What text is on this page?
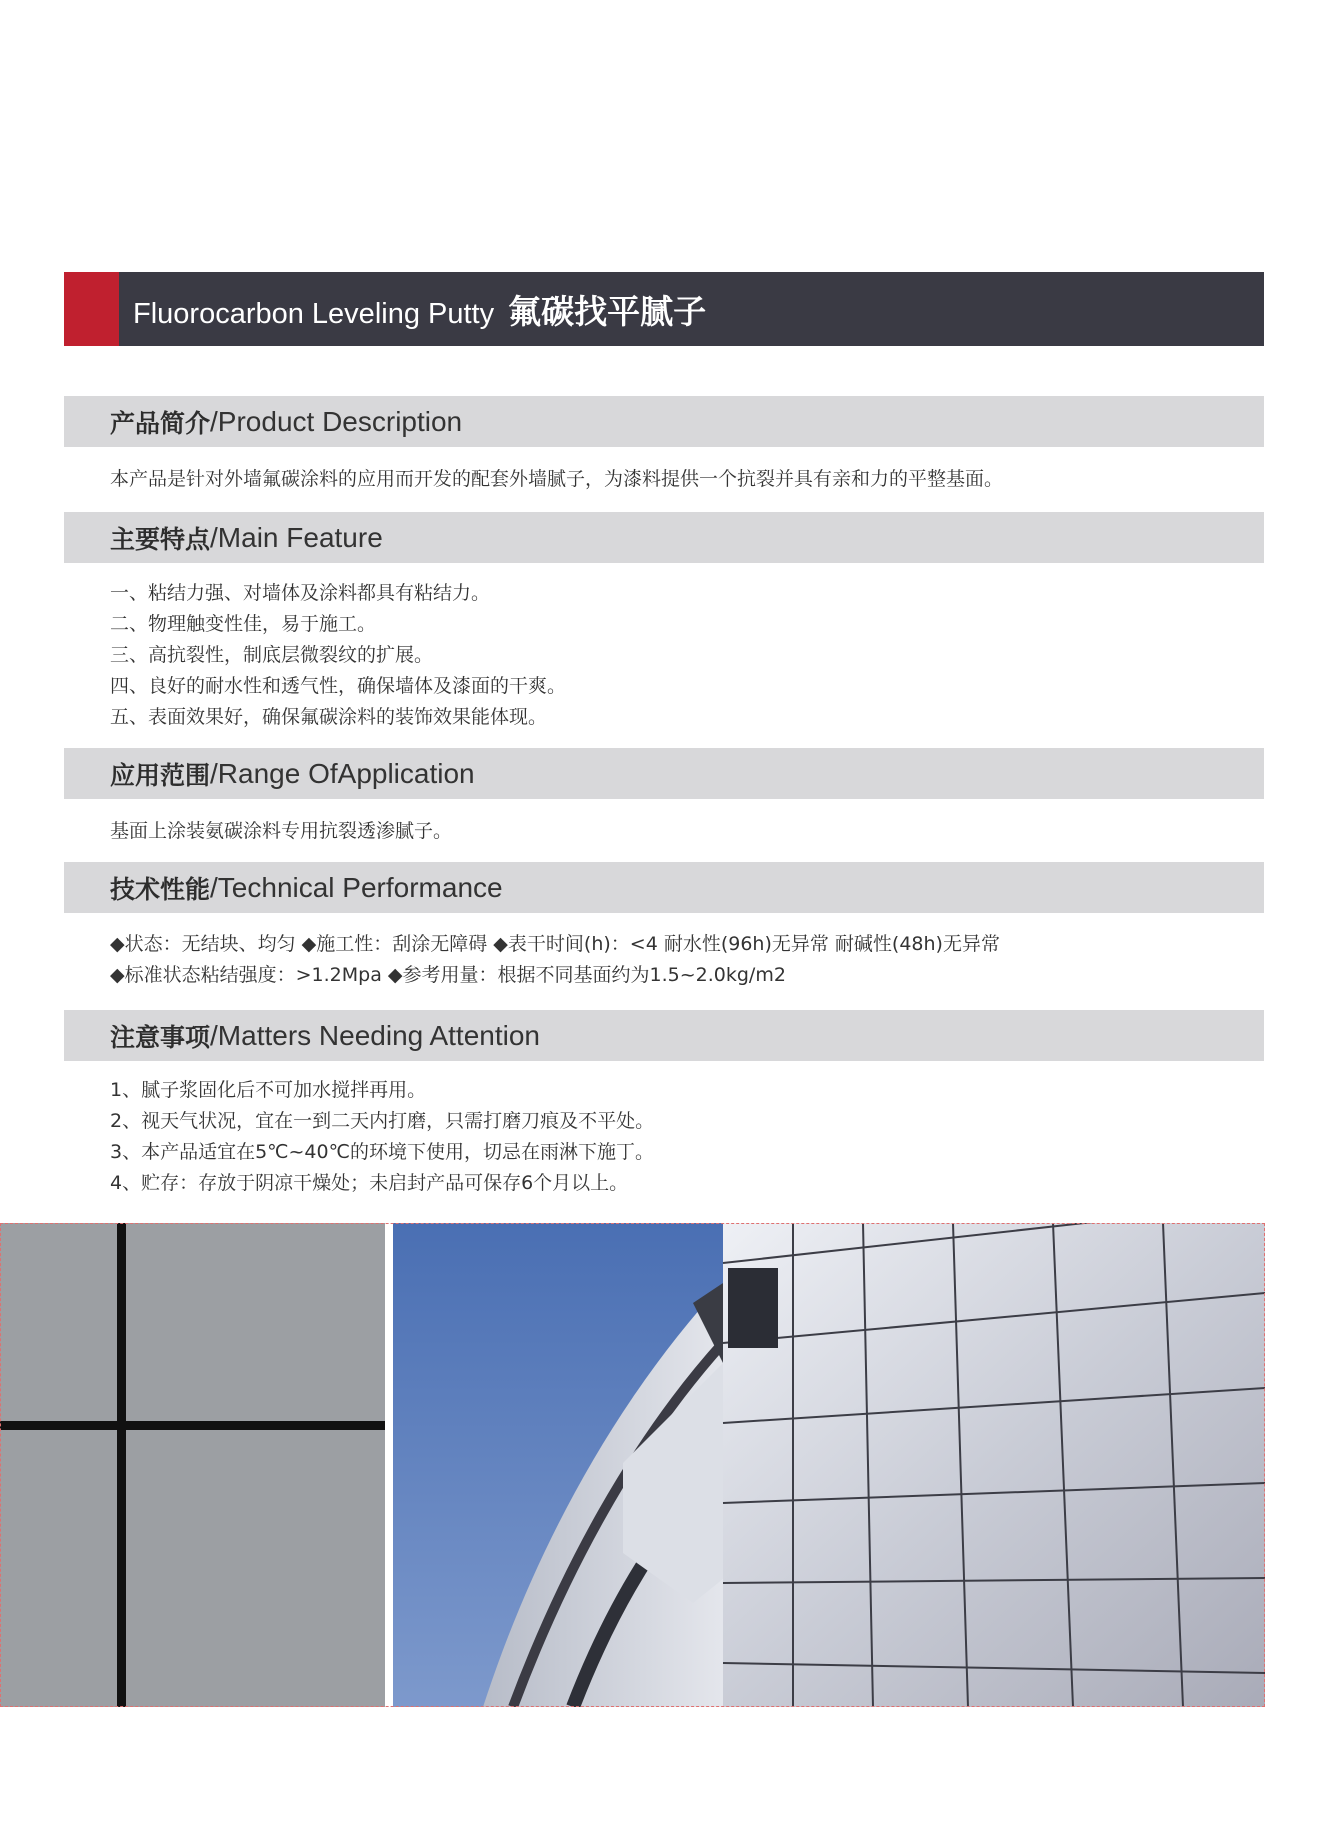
Fluorocarbon Leveling Putty 氟碳找平腻子
产品简介 /Product Description
本产品是针对外墙氟碳涂料的应用而开发的配套外墙腻子，为漆料提供一个抗裂并具有亲和力的平整基面。
主要特点 /Main Feature
一、粘结力强、对墙体及涂料都具有粘结力。
二、物理触变性佳，易于施工。
三、高抗裂性，制底层微裂纹的扩展。
四、良好的耐水性和透气性，确保墙体及漆面的干爽。
五、表面效果好，确保氟碳涂料的装饰效果能体现。
应用范围 /Range OfApplication
基面上涂装氨碳涂料专用抗裂透渗腻子。
技术性能 /Technical Performance
◆状态：无结块、均匀 ◆施工性：刮涂无障碍 ◆表干时间(h)：<4 耐水性(96h)无异常 耐碱性(48h)无异常
◆标准状态粘结强度：>1.2Mpa ◆参考用量：根据不同基面约为1.5~2.0kg/m2
注意事项 /Matters Needing Attention
1、腻子浆固化后不可加水搅拌再用。
2、视天气状况，宜在一到二天内打磨，只需打磨刀痕及不平处。
3、本产品适宜在5℃~40℃的环境下使用，切忌在雨淋下施丁。
4、贮存：存放于阴凉干燥处；未启封产品可保存6个月以上。
